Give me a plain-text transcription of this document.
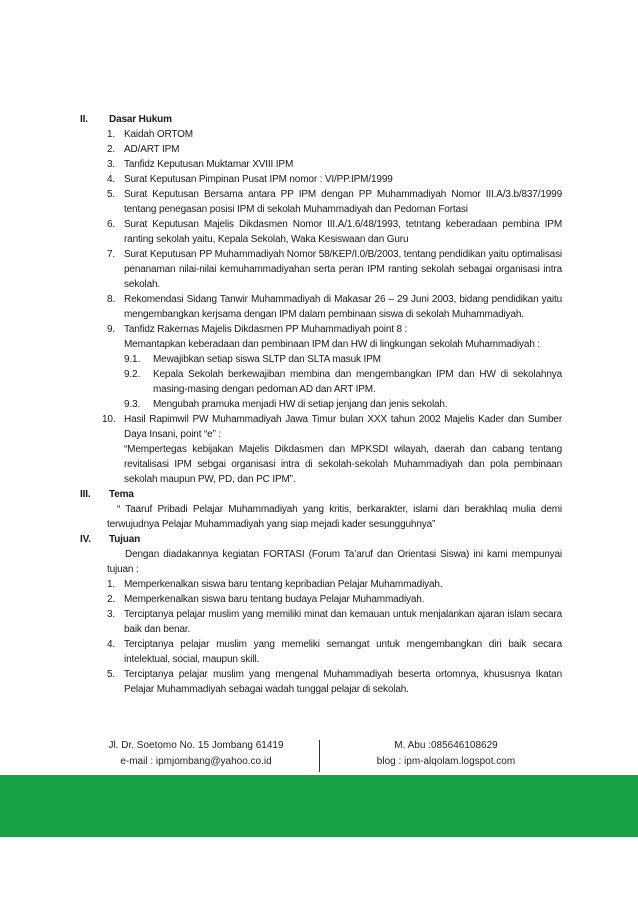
II. Dasar Hukum
1. Kaidah ORTOM
2. AD/ART IPM
3. Tanfidz Keputusan Muktamar XVIII IPM
4. Surat Keputusan Pimpinan Pusat IPM nomor : VI/PP.IPM/1999
5. Surat Keputusan Bersama antara PP IPM dengan PP Muhammadiyah Nomor III.A/3.b/837/1999 tentang penegasan posisi IPM di sekolah Muhammadiyah dan Pedoman Fortasi
6. Surat Keputusan Majelis Dikdasmen Nomor III.A/1.6/48/1993, tetntang keberadaan pembina IPM ranting sekolah yaitu, Kepala Sekolah, Waka Kesiswaan dan Guru
7. Surat Keputusan PP Muhammadiyah Nomor 58/KEP/I.0/B/2003, tentang pendidikan yaitu optimalisasi penanaman nilai-nilai kemuhammadiyahan serta peran IPM ranting sekolah sebagai organisasi intra sekolah.
8. Rekomendasi Sidang Tanwir Muhammadiyah di Makasar 26 – 29 Juni 2003, bidang pendidikan yaitu mengembangkan kerjsama dengan IPM dalam pembinaan siswa di sekolah Muhammadiyah.
9. Tanfidz Rakernas Majelis Dikdasmen PP Muhammadiyah point 8 :
Memantapkan keberadaan dan pembinaan IPM dan HW di lingkungan sekolah Muhammadiyah :
9.1. Mewajibkan setiap siswa SLTP dan SLTA masuk IPM
9.2. Kepala Sekolah berkewajiban membina dan mengembangkan IPM dan HW di sekolahnya masing-masing dengan pedoman AD dan ART IPM.
9.3. Mengubah pramuka menjadi HW di setiap jenjang dan jenis sekolah.
10. Hasil Rapimwil PW Muhammadiyah Jawa Timur bulan XXX tahun 2002 Majelis Kader dan Sumber Daya Insani, point “e” :
“Mempertegas kebijakan Majelis Dikdasmen dan MPKSDI wilayah, daerah dan cabang tentang revitalisasi IPM sebgai organisasi intra di sekolah-sekolah Muhammadiyah dan pola pembinaan sekolah maupun PW, PD, dan PC IPM”.
III. Tema
“ Taaruf Pribadi Pelajar Muhammadiyah yang kritis, berkarakter, islami dan berakhlaq mulia demi terwujudnya Pelajar Muhammadiyah yang siap mejadi kader sesungguhnya”
IV. Tujuan
Dengan diadakannya kegiatan FORTASI (Forum Ta’aruf dan Orientasi Siswa) ini kami mempunyai tujuan :
1. Memperkenalkan siswa baru tentang kepribadian Pelajar Muhammadiyah.
2. Memperkenalkan siswa baru tentang budaya Pelajar Muhammadiyah.
3. Terciptanya pelajar muslim yang memiliki minat dan kemauan untuk menjalankan ajaran islam secara baik dan benar.
4. Terciptanya pelajar muslim yang memeliki semangat untuk mengembangkan diri baik secara intelektual, social, maupun skill.
5. Terciptanya pelajar muslim yang mengenal Muhammadiyah beserta ortomnya, khususnya Ikatan Pelajar Muhammadiyah sebagai wadah tunggal pelajar di sekolah.
Jl. Dr. Soetomo No. 15 Jombang 61419
e-mail : ipmjombang@yahoo.co.id
M. Abu :085646108629
blog : ipm-alqolam.logspot.com
